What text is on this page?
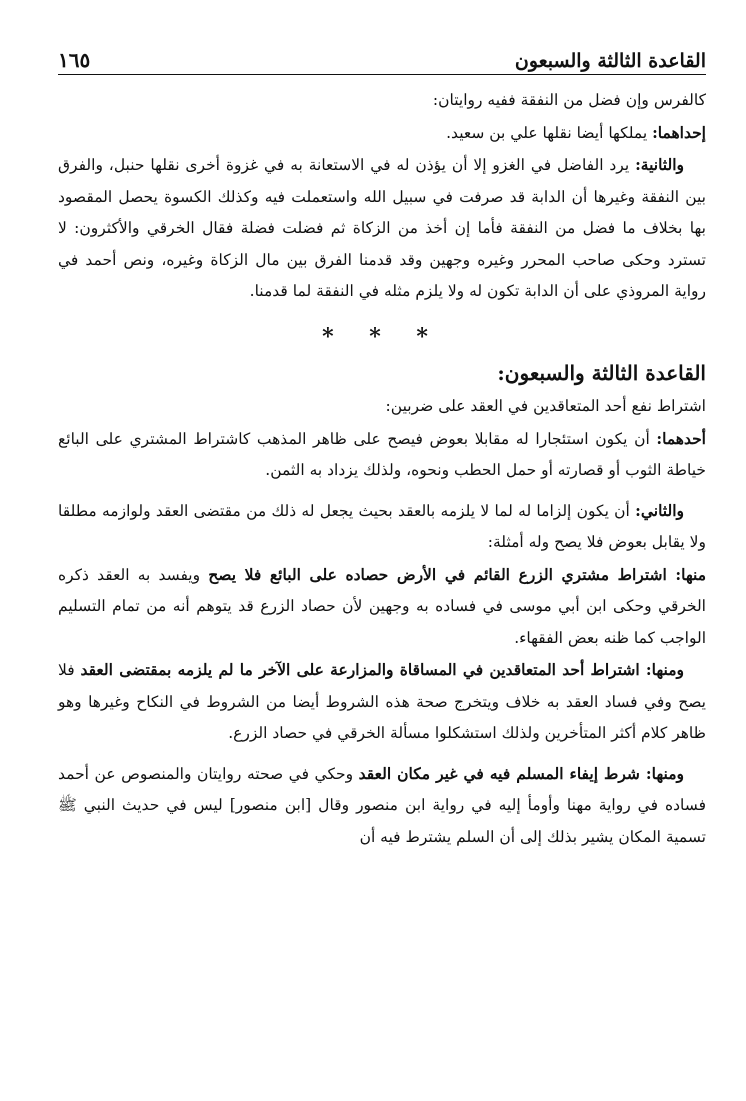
القاعدة الثالثة والسبعون
١٦٥

كالفرس وإن فضل من النفقة ففيه روايتان:

إحداهما: يملكها أيضا نقلها علي بن سعيد.

والثانية: يرد الفاضل في الغزو إلا أن يؤذن له في الاستعانة به في غزوة أخرى نقلها حنبل، والفرق بين النفقة وغيرها أن الدابة قد صرفت في سبيل الله واستعملت فيه وكذلك الكسوة يحصل المقصود بها بخلاف ما فضل من النفقة فأما إن أخذ من الزكاة ثم فضلت فضلة فقال الخرقي والأكثرون: لا تسترد وحكى صاحب المحرر وغيره وجهين وقد قدمنا الفرق بين مال الزكاة وغيره، ونص أحمد في رواية المروذي على أن الدابة تكون له ولا يلزم مثله في النفقة لما قدمنا.

* * *

القاعدة الثالثة والسبعون:

اشتراط نفع أحد المتعاقدين في العقد على ضربين:

أحدهما: أن يكون استئجارا له مقابلا بعوض فيصح على ظاهر المذهب كاشتراط المشتري على البائع خياطة الثوب أو قصارته أو حمل الحطب ونحوه، ولذلك يزداد به الثمن.

والثاني: أن يكون إلزاما له لما لا يلزمه بالعقد بحيث يجعل له ذلك من مقتضى العقد ولوازمه مطلقا ولا يقابل بعوض فلا يصح وله أمثلة:

منها: اشتراط مشتري الزرع القائم في الأرض حصاده على البائع فلا يصح ويفسد به العقد ذكره الخرقي وحكى ابن أبي موسى في فساده به وجهين لأن حصاد الزرع قد يتوهم أنه من تمام التسليم الواجب كما ظنه بعض الفقهاء.

ومنها: اشتراط أحد المتعاقدين في المساقاة والمزارعة على الآخر ما لم يلزمه بمقتضى العقد فلا يصح وفي فساد العقد به خلاف ويتخرج صحة هذه الشروط أيضا من الشروط في النكاح وغيرها وهو ظاهر كلام أكثر المتأخرين ولذلك استشكلوا مسألة الخرقي في حصاد الزرع.

ومنها: شرط إيفاء المسلم فيه في غير مكان العقد وحكي في صحته روايتان والمنصوص عن أحمد فساده في رواية مهنا وأومأ إليه في رواية ابن منصور وقال [ابن منصور] ليس في حديث النبي ﷺ تسمية المكان يشير بذلك إلى أن السلم يشترط فيه أن
